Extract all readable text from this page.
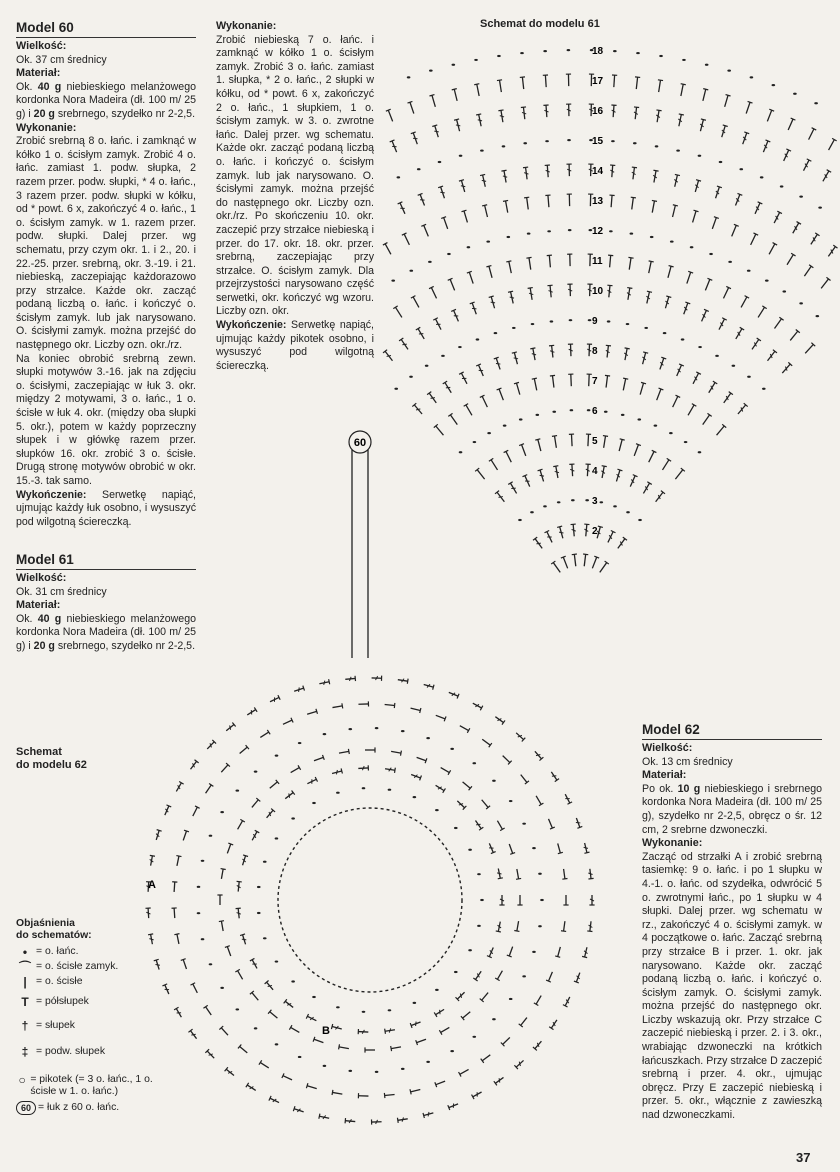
Model 60
Wielkość:

Ok. 37 cm średnicy

Materiał:

Ok. 40 g niebieskiego melanżowego kordonka Nora Madeira (dł. 100 m/ 25 g) i 20 g srebrnego, szydełko nr 2-2,5.

Wykonanie:

Zrobić srebrną 8 o. łańc. i zamknąć w kółko 1 o. ścisłym zamyk. Zrobić 4 o. łańc. zamiast 1. podw. słupka, 2 razem przer. podw. słupki, * 4 o. łańc., 3 razem przer. podw. słupki w kółku, od * powt. 6 x, zakończyć 4 o. łańc., 1 o. ścisłym zamyk. w 1. razem przer. podw. słupki. Dalej przer. wg schematu, przy czym okr. 1. i 2., 20. i 22.-25. przer. srebrną, okr. 3.-19. i 21. niebieską, zaczepiając każdorazowo przy strzałce. Każde okr. zacząć podaną liczbą o. łańc. i kończyć o. ścisłym zamyk. lub jak narysowano. O. ścisłymi zamyk. można przejść do następnego okr. Liczby ozn. okr./rz.

Na koniec obrobić srebrną zewn. słupki motywów 3.-16. jak na zdjęciu o. ścisłymi, zaczepiając w łuk 3. okr. między 2 motywami, 3 o. łańc., 1 o. ścisłe w łuk 4. okr. (między oba słupki 5. okr.), potem w każdy poprzeczny słupek i w główkę razem przer. słupków 16. okr. zrobić 3 o. ścisłe. Drugą stronę motywów obrobić w okr. 15.-3. tak samo.

Wykończenie: Serwetkę napiąć, ujmując każdy łuk osobno, i wysuszyć pod wilgotną ściereczką.

Model 61
Wielkość:

Ok. 31 cm średnicy

Materiał:

Ok. 40 g niebieskiego melanżowego kordonka Nora Madeira (dł. 100 m/ 25 g) i 20 g srebrnego, szydełko nr 2-2,5.

Wykonanie:

Zrobić niebieską 7 o. łańc. i zamknąć w kółko 1 o. ścisłym zamyk. Zrobić 3 o. łańc. zamiast 1. słupka, * 2 o. łańc., 2 słupki w kółku, od * powt. 6 x, zakończyć 2 o. łańc., 1 słupkiem, 1 o. ścisłym zamyk. w 3. o. zwrotne łańc. Dalej przer. wg schematu. Każde okr. zacząć podaną liczbą o. łańc. i kończyć o. ścisłym zamyk. lub jak narysowano. O. ścisłymi zamyk. można przejść do następnego okr. Liczby ozn. okr./rz. Po skończeniu 10. okr. zaczepić przy strzałce niebieską i przer. do 17. okr. 18. okr. przer. srebrną, zaczepiając przy strzałce. O. ścisłym zamyk. Dla przejrzystości narysowano część serwetki, okr. kończyć wg wzoru. Liczby ozn. okr.

Wykończenie: Serwetkę napiąć, ujmując każdy pikotek osobno, i wysuszyć pod wilgotną ściereczką.

Model 62
Wielkość:

Ok. 13 cm średnicy

Materiał:

Po ok. 10 g niebieskiego i srebrnego kordonka Nora Madeira (dł. 100 m/ 25 g), szydełko nr 2-2,5, obręcz o śr. 12 cm, 2 srebrne dzwoneczki.

Wykonanie:

Zacząć od strzałki A i zrobić srebrną tasiemkę: 9 o. łańc. i po 1 słupku w 4.-1. o. łańc. od szydełka, odwrócić 5 o. zwrotnymi łańc., po 1 słupku w 4 słupki. Dalej przer. wg schematu w rz., zakończyć 4 o. ścisłymi zamyk. w 4 początkowe o. łańc. Zacząć srebrną przy strzałce B i przer. 1. okr. jak narysowano. Każde okr. zacząć podaną liczbą o. łańc. i kończyć o. ścisłym zamyk. O. ścisłymi zamyk. można przejść do następnego okr. Liczby wskazują okr. Przy strzałce C zaczepić niebieską i przer. 2. i 3. okr., wrabiając dzwoneczki na krótkich łańcuszkach. Przy strzałce D zaczepić srebrną i przer. 4. okr., ujmując obręcz. Przy E zaczepić niebieską i przer. 5. okr., włącznie z zawieszką nad dzwoneczkami.

Schemat do modelu 61
Schemat
do modelu 62
2
3
4
5
6
7
8
9
10
11
12
13
14
15
16
17
18
60
A
B
Objaśnienia
do schematów:
• = o. łańc.
⌒ = o. ścisłe zamyk.
| = o. ścisłe
T = półsłupek
† = słupek
‡ = podw. słupek
○ = pikotek (= 3 o. łańc., 1 o. ścisłe w 1. o. łańc.)
60 = łuk z 60 o. łańc.
37
